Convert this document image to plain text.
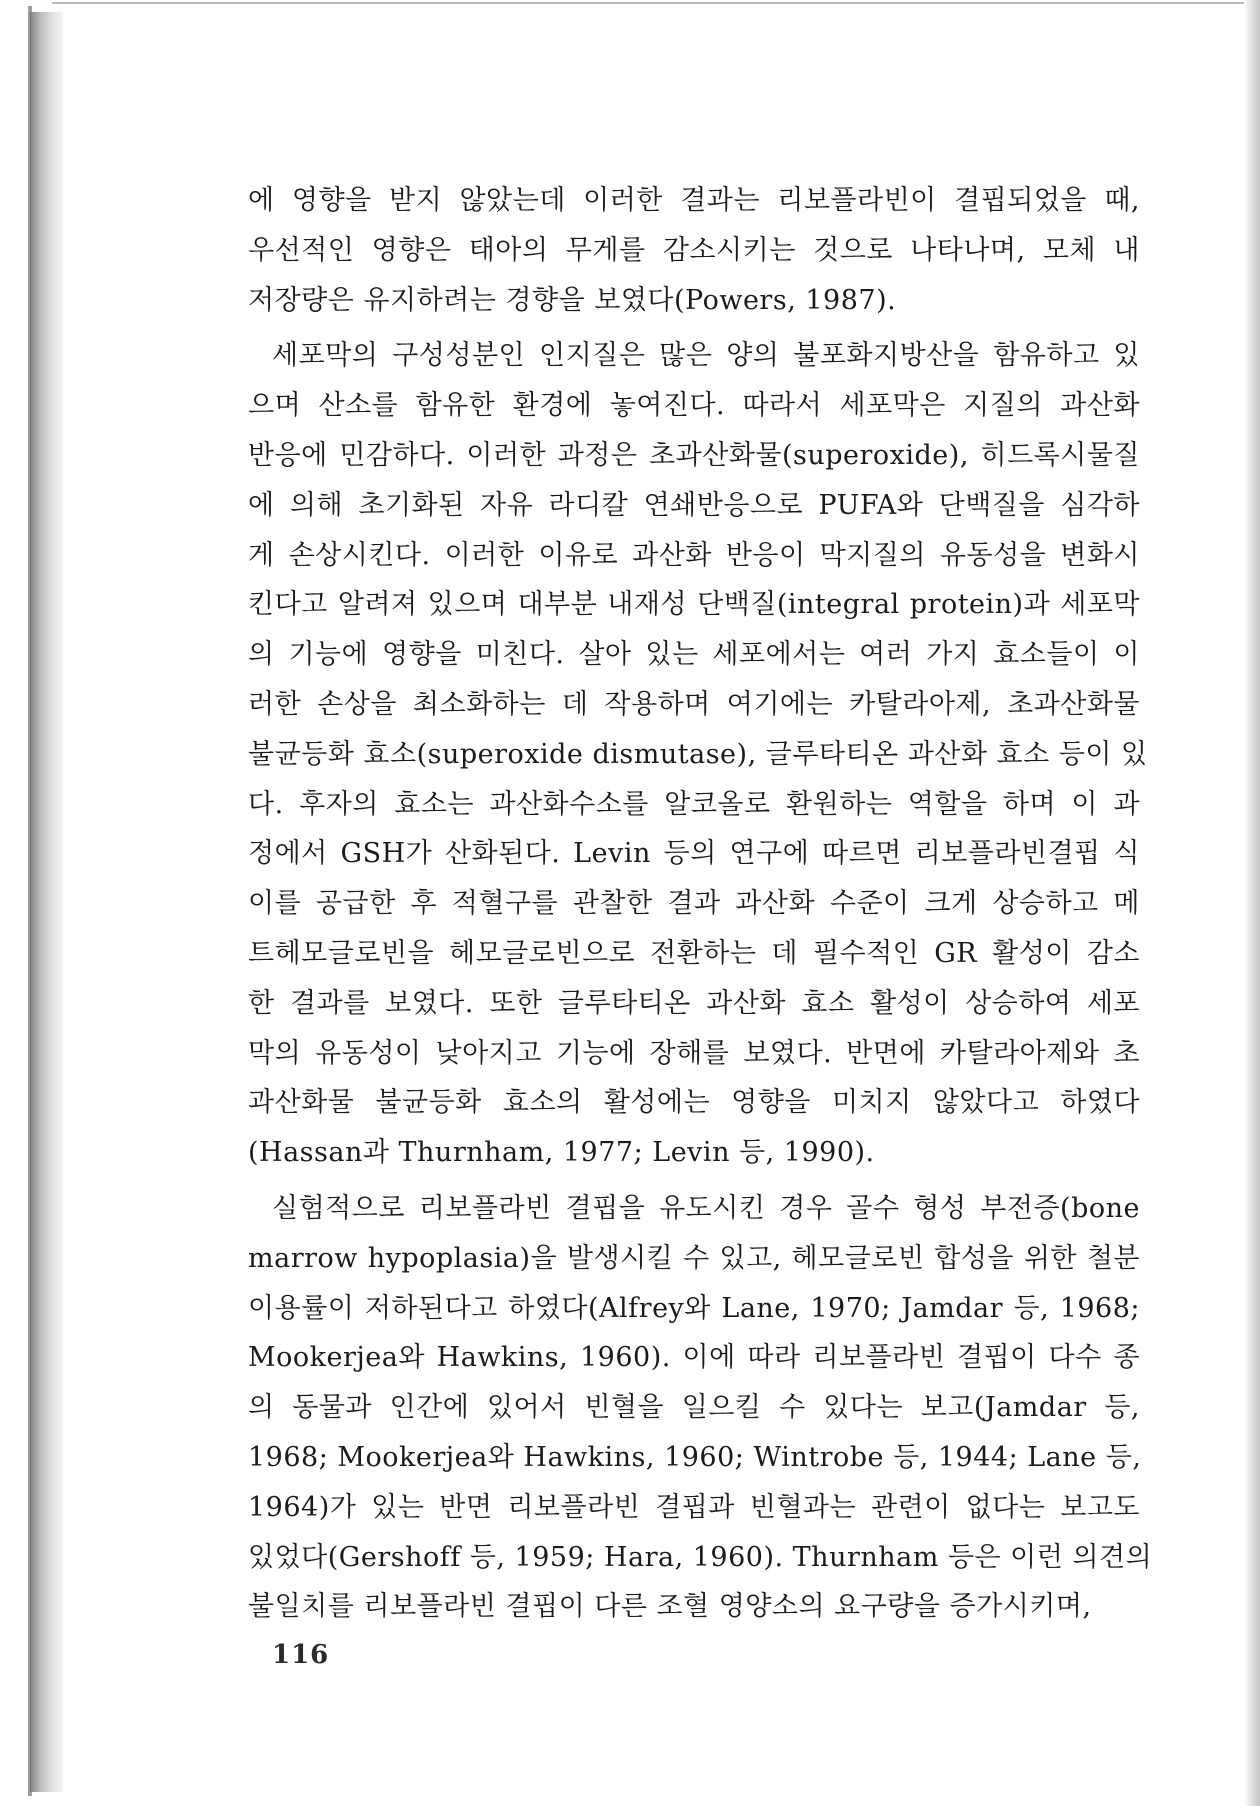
에 영향을 받지 않았는데 이러한 결과는 리보플라빈이 결핍되었을 때,
우선적인 영향은 태아의 무게를 감소시키는 것으로 나타나며, 모체 내
저장량은 유지하려는 경향을 보였다(Powers, 1987).
세포막의 구성성분인 인지질은 많은 양의 불포화지방산을 함유하고 있
으며 산소를 함유한 환경에 놓여진다. 따라서 세포막은 지질의 과산화
반응에 민감하다. 이러한 과정은 초과산화물(superoxide), 히드록시물질
에 의해 초기화된 자유 라디칼 연쇄반응으로 PUFA와 단백질을 심각하
게 손상시킨다. 이러한 이유로 과산화 반응이 막지질의 유동성을 변화시
킨다고 알려져 있으며 대부분 내재성 단백질(integral protein)과 세포막
의 기능에 영향을 미친다. 살아 있는 세포에서는 여러 가지 효소들이 이
러한 손상을 최소화하는 데 작용하며 여기에는 카탈라아제, 초과산화물
불균등화 효소(superoxide dismutase), 글루타티온 과산화 효소 등이 있
다. 후자의 효소는 과산화수소를 알코올로 환원하는 역할을 하며 이 과
정에서 GSH가 산화된다. Levin 등의 연구에 따르면 리보플라빈결핍 식
이를 공급한 후 적혈구를 관찰한 결과 과산화 수준이 크게 상승하고 메
트헤모글로빈을 헤모글로빈으로 전환하는 데 필수적인 GR 활성이 감소
한 결과를 보였다. 또한 글루타티온 과산화 효소 활성이 상승하여 세포
막의 유동성이 낮아지고 기능에 장해를 보였다. 반면에 카탈라아제와 초
과산화물 불균등화 효소의 활성에는 영향을 미치지 않았다고 하였다
(Hassan과 Thurnham, 1977; Levin 등, 1990).
실험적으로 리보플라빈 결핍을 유도시킨 경우 골수 형성 부전증(bone
marrow hypoplasia)을 발생시킬 수 있고, 헤모글로빈 합성을 위한 철분
이용률이 저하된다고 하였다(Alfrey와 Lane, 1970; Jamdar 등, 1968;
Mookerjea와 Hawkins, 1960). 이에 따라 리보플라빈 결핍이 다수 종
의 동물과 인간에 있어서 빈혈을 일으킬 수 있다는 보고(Jamdar 등,
1968; Mookerjea와 Hawkins, 1960; Wintrobe 등, 1944; Lane 등,
1964)가 있는 반면 리보플라빈 결핍과 빈혈과는 관련이 없다는 보고도
있었다(Gershoff 등, 1959; Hara, 1960). Thurnham 등은 이런 의견의
불일치를 리보플라빈 결핍이 다른 조혈 영양소의 요구량을 증가시키며,
116
